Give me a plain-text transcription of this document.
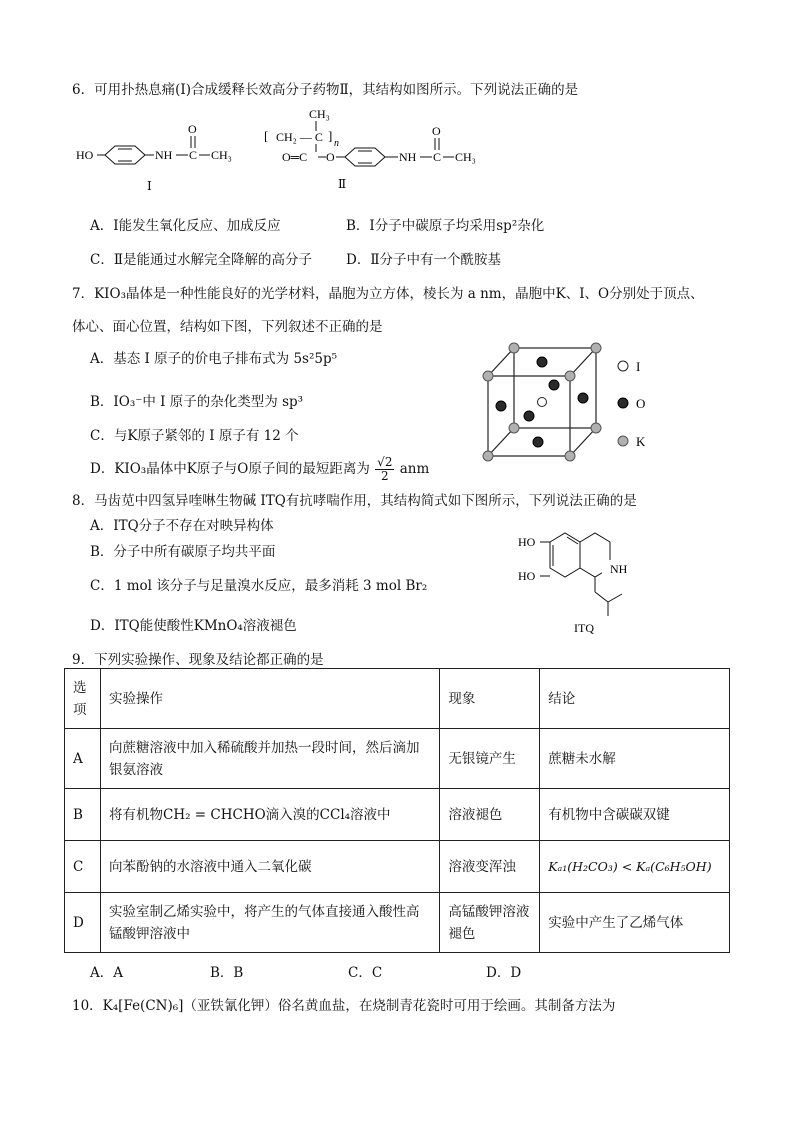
6．可用扑热息痛(Ⅰ)合成缓释长效高分子药物Ⅱ，其结构如图所示。下列说法正确的是
HO	NH C
O
CH₃
Ⅰ
CH₃
[ CH₂ — C ]
n
O═C O	NH C
O
CH₃
Ⅱ
A．Ⅰ能发生氧化反应、加成反应	B．Ⅰ分子中碳原子均采用sp²杂化
C．Ⅱ是能通过水解完全降解的高分子	D．Ⅱ分子中有一个酰胺基
7．KIO₃晶体是一种性能良好的光学材料，晶胞为立方体，棱长为 a nm，晶胞中K、I、O分别处于顶点、
体心、面心位置，结构如下图，下列叙述不正确的是
A．基态 I 原子的价电子排布式为 5s²5p⁵
B．IO₃⁻中 I 原子的杂化类型为 sp³
C．与K原子紧邻的 I 原子有 12 个
D．KIO₃晶体中K原子与O原子间的最短距离为 $\frac{√2}{2}$ anm
I
O
K
8．马齿苋中四氢异喹啉生物碱 ITQ有抗哮喘作用，其结构简式如下图所示，下列说法正确的是
A．ITQ分子不存在对映异构体
B．分子中所有碳原子均共平面
C．1 mol 该分子与足量溴水反应，最多消耗 3 mol Br₂
D．ITQ能使酸性KMnO₄溶液褪色
HO
HO	NH
ITQ
9．下列实验操作、现象及结论都正确的是
选项	实验操作	现象	结论
A	向蔗糖溶液中加入稀硫酸并加热一段时间，然后滴加银氨溶液	无银镜产生	蔗糖未水解
B	将有机物CH₂ = CHCHO滴入溴的CCl₄溶液中	溶液褪色	有机物中含碳碳双键
C	向苯酚钠的水溶液中通入二氧化碳	溶液变浑浊	Kₐ₁(H₂CO₃) < Kₐ(C₆H₅OH)
D	实验室制乙烯实验中，将产生的气体直接通入酸性高锰酸钾溶液中	高锰酸钾溶液褪色	实验中产生了乙烯气体
A．A	B．B	C．C	D．D
10．K₄[Fe(CN)₆]（亚铁氰化钾）俗名黄血盐，在烧制青花瓷时可用于绘画。其制备方法为
